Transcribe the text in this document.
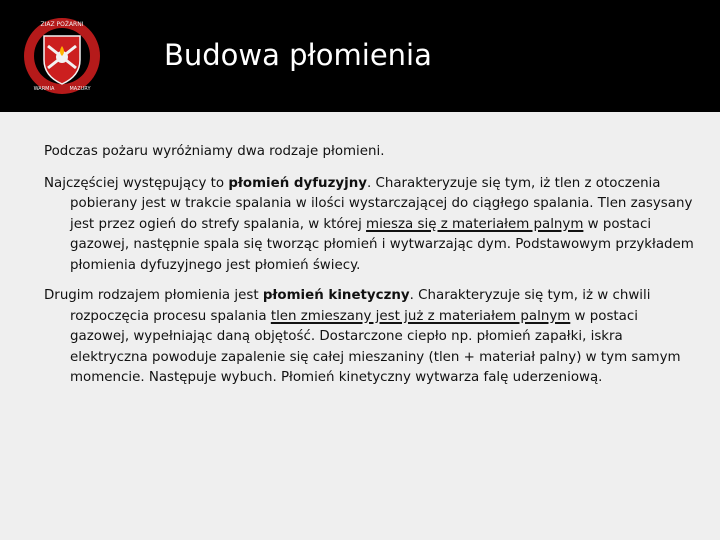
ZIAZ POŻARNI
WARMIA	MAZURY
Budowa płomienia

Podczas pożaru wyróżniamy dwa rodzaje płomieni.

Najczęściej występujący to płomień dyfuzyjny. Charakteryzuje się tym, iż tlen z otoczenia pobierany jest w trakcie spalania w ilości wystarczającej do ciągłego spalania. Tlen zasysany jest przez ogień do strefy spalania, w której miesza się z materiałem palnym w postaci gazowej, następnie spala się tworząc płomień i wytwarzając dym. Podstawowym przykładem płomienia dyfuzyjnego jest płomień świecy.

Drugim rodzajem płomienia jest płomień kinetyczny. Charakteryzuje się tym, iż w chwili rozpoczęcia procesu spalania tlen zmieszany jest już z materiałem palnym w postaci gazowej, wypełniając daną objętość. Dostarczone ciepło np. płomień zapałki, iskra elektryczna powoduje zapalenie się całej mieszaniny (tlen + materiał palny) w tym samym momencie. Następuje wybuch. Płomień kinetyczny wytwarza falę uderzeniową.
